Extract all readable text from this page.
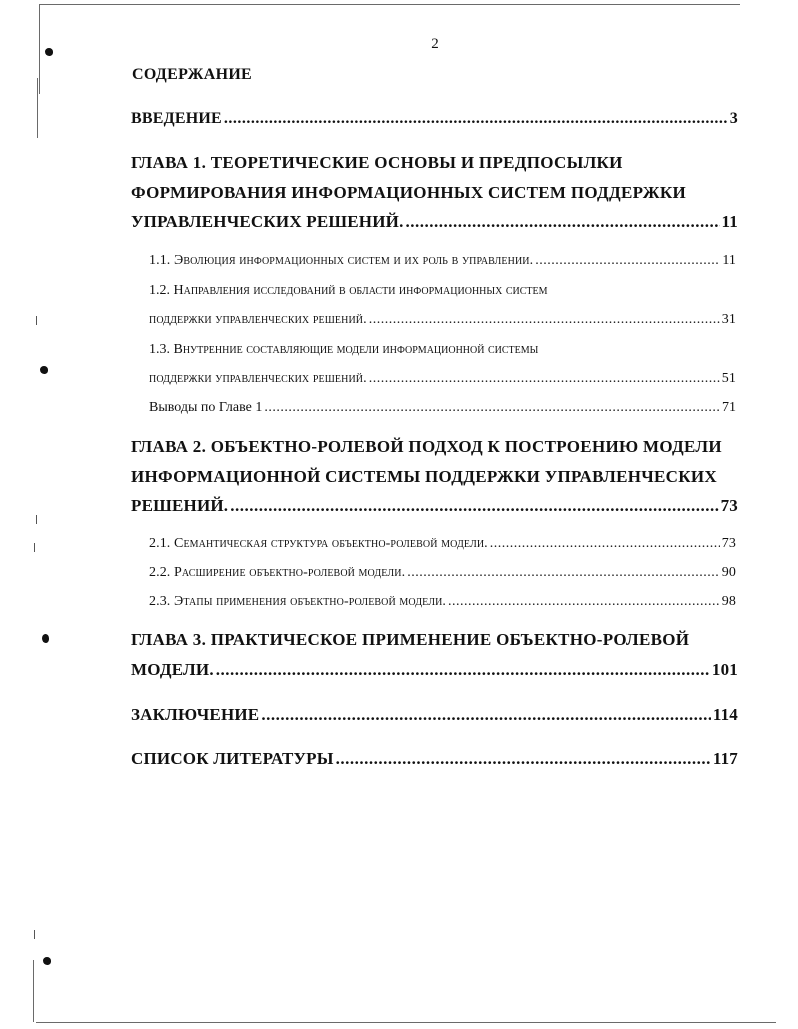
2
СОДЕРЖАНИЕ
ВВЕДЕНИЕ .....	3
ГЛАВА 1. ТЕОРЕТИЧЕСКИЕ ОСНОВЫ И ПРЕДПОСЫЛКИ
ФОРМИРОВАНИЯ ИНФОРМАЦИОННЫХ СИСТЕМ ПОДДЕРЖКИ
УПРАВЛЕНЧЕСКИХ РЕШЕНИЙ. .....	11
1.1. Эволюция информационных систем и их роль в управлении. .....	11
1.2. Направления исследований в области информационных систем
поддержки управленческих решений. .....	31
1.3. Внутренние составляющие модели информационной системы
поддержки управленческих решений. .....	51
Выводы по Главе 1 .....	71
ГЛАВА 2. ОБЪЕКТНО-РОЛЕВОЙ ПОДХОД К ПОСТРОЕНИЮ МОДЕЛИ
ИНФОРМАЦИОННОЙ СИСТЕМЫ ПОДДЕРЖКИ УПРАВЛЕНЧЕСКИХ
РЕШЕНИЙ. .....	73
2.1. Семантическая структура объектно-ролевой модели. .....	73
2.2. Расширение объектно-ролевой модели. .....	90
2.3. Этапы применения объектно-ролевой модели. .....	98
ГЛАВА 3. ПРАКТИЧЕСКОЕ ПРИМЕНЕНИЕ ОБЪЕКТНО-РОЛЕВОЙ
МОДЕЛИ. .....	101
ЗАКЛЮЧЕНИЕ .....	114
СПИСОК ЛИТЕРАТУРЫ .....	117
